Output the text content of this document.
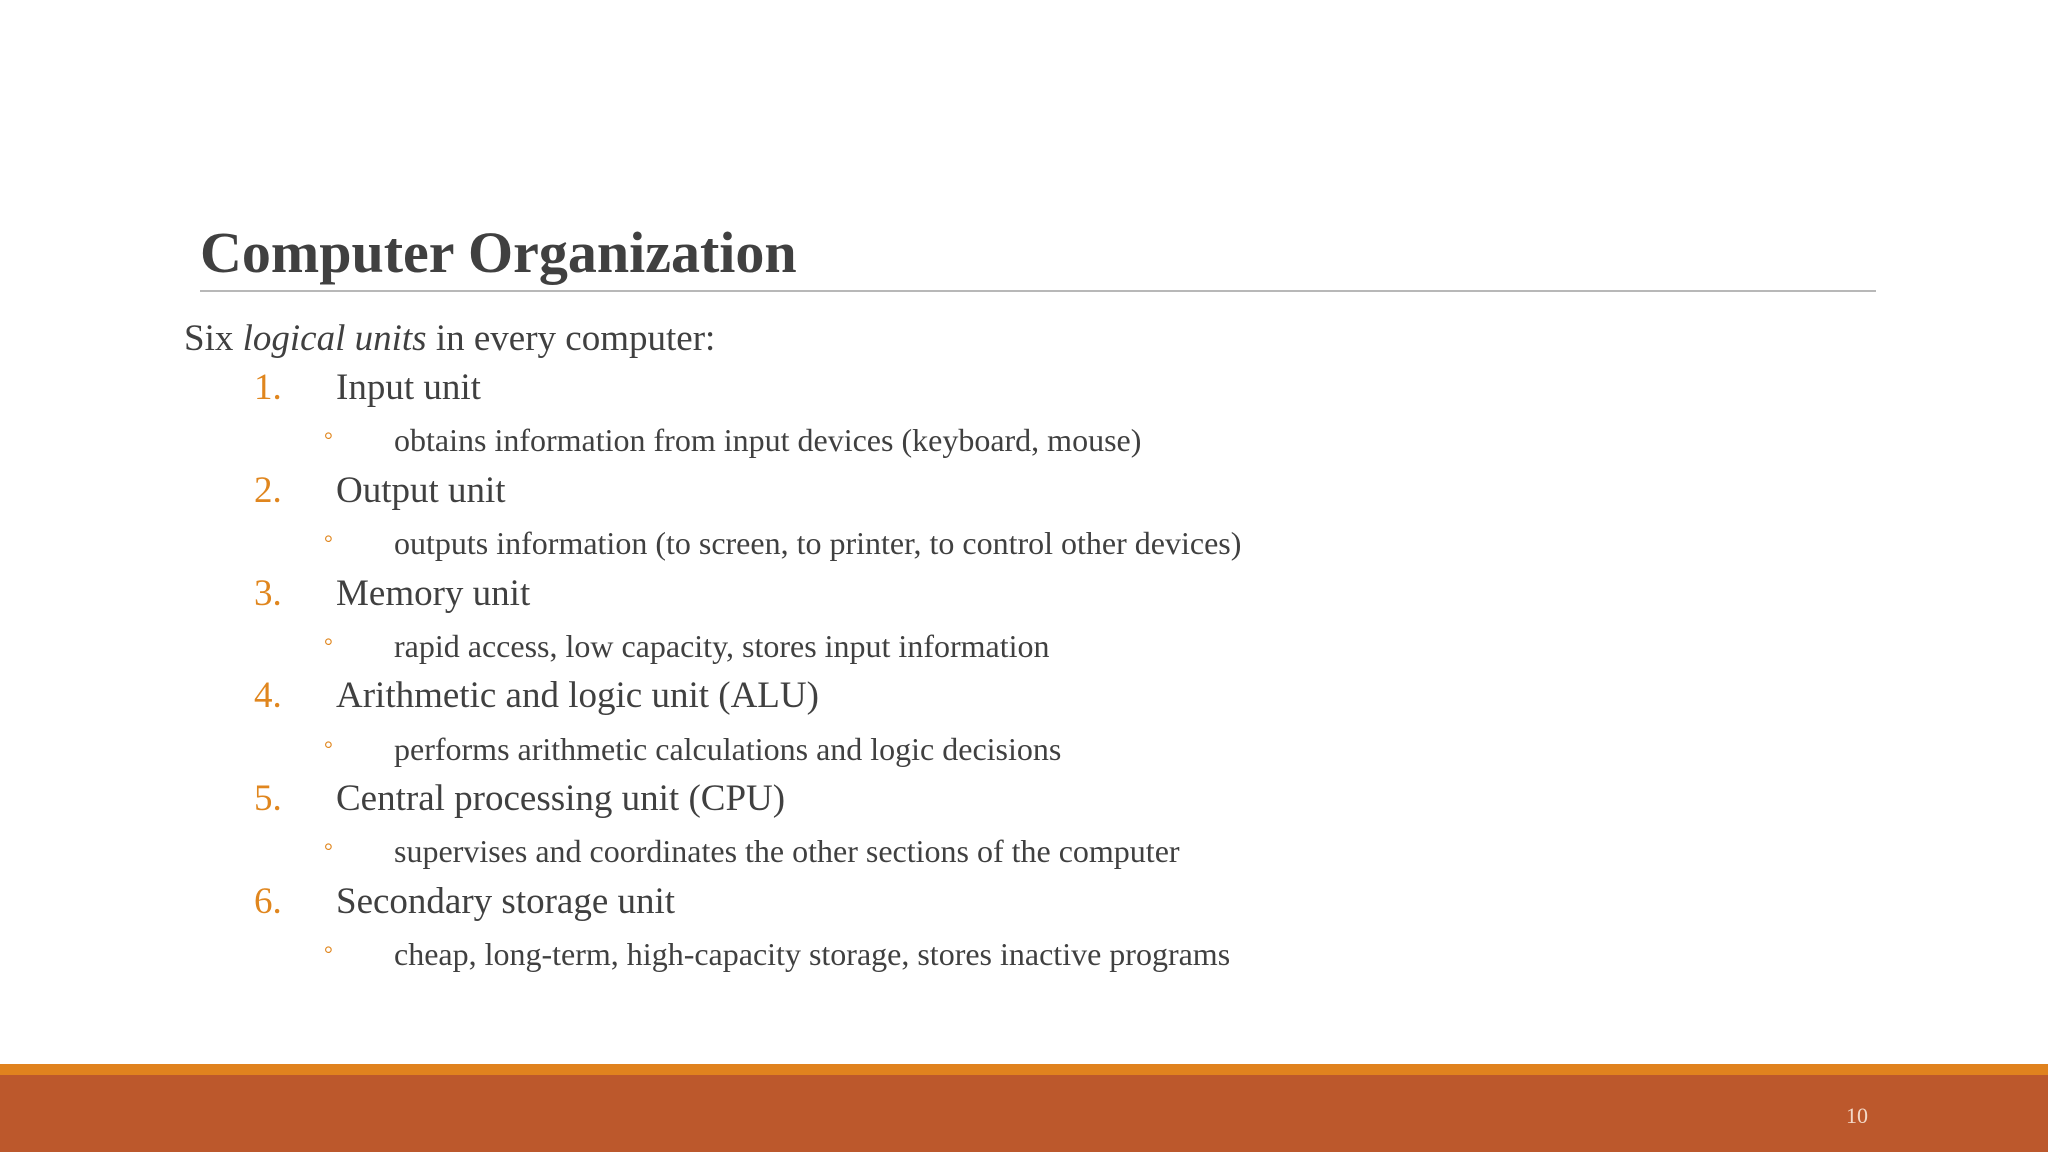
Computer Organization
Six logical units in every computer:
1. Input unit
° obtains information from input devices (keyboard, mouse)
2. Output unit
° outputs information (to screen, to printer, to control other devices)
3. Memory unit
° rapid access, low capacity, stores input information
4. Arithmetic and logic unit (ALU)
° performs arithmetic calculations and logic decisions
5. Central processing unit (CPU)
° supervises and coordinates the other sections of the computer
6. Secondary storage unit
° cheap, long-term, high-capacity storage, stores inactive programs
10
